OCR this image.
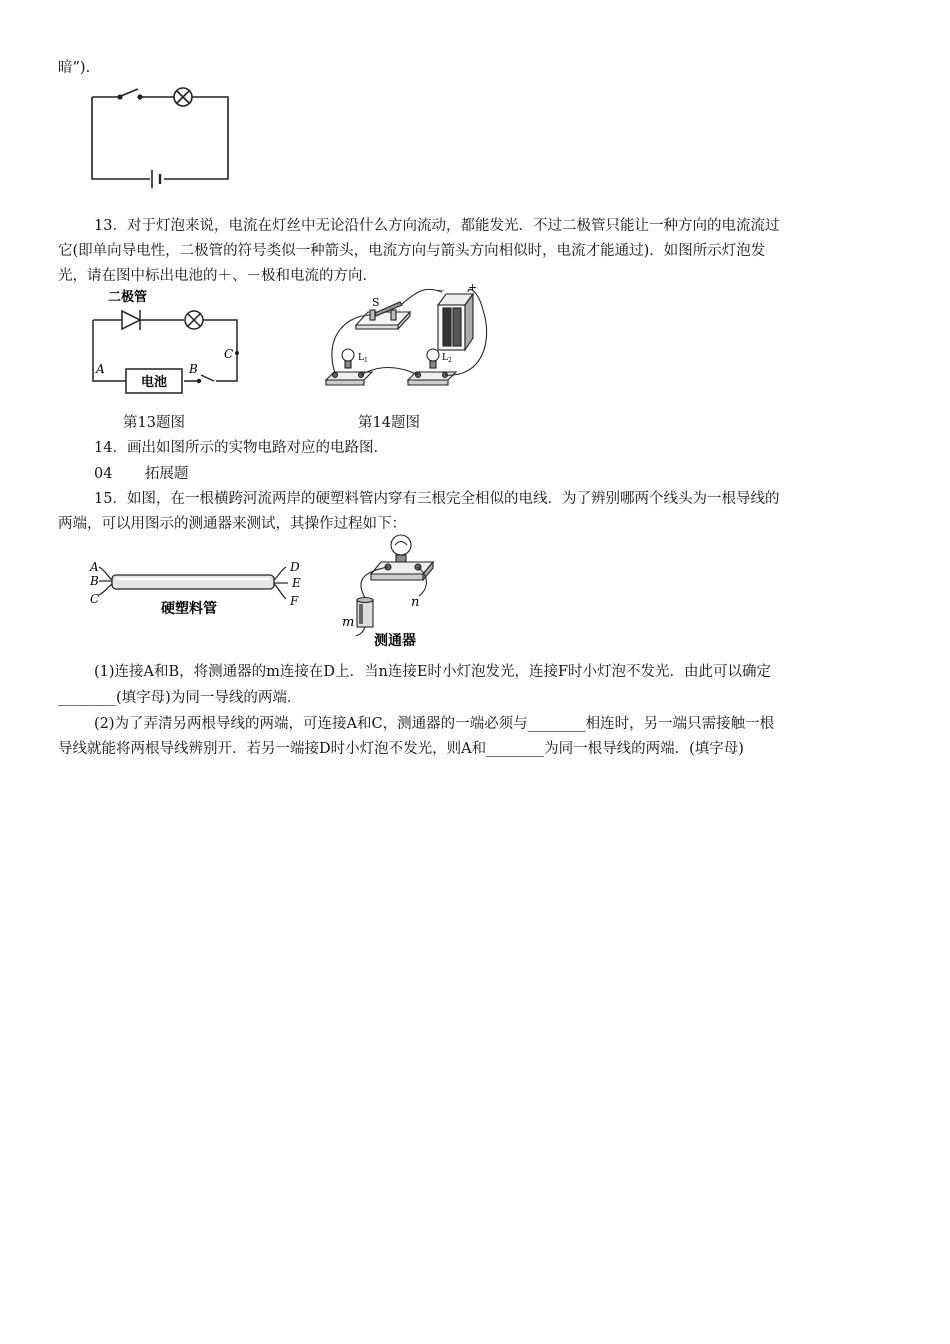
暗”).
13．对于灯泡来说，电流在灯丝中无论沿什么方向流动，都能发光．不过二极管只能让一种方向的电流流过
它(即单向导电性，二极管的符号类似一种箭头，电流方向与箭头方向相似时，电流才能通过)．如图所示灯泡发
光，请在图中标出电池的＋、－极和电流的方向．
二极管
电池
A	B
C
S
－ +
$L_1$	$L_2$
第13题图	第14题图
14．画出如图所示的实物电路对应的电路图．
04 拓展题
15．如图，在一根横跨河流两岸的硬塑料管内穿有三根完全相似的电线．为了辨别哪两个线头为一根导线的
两端，可以用图示的测通器来测试，其操作过程如下：
A
B
C
D
E
F
硬塑料管
m
n
测通器
(1)连接A和B，将测通器的m连接在D上．当n连接E时小灯泡发光，连接F时小灯泡不发光．由此可以确定
________(填字母)为同一导线的两端．
(2)为了弄清另两根导线的两端，可连接A和C，测通器的一端必须与________相连时，另一端只需接触一根
导线就能将两根导线辨别开．若另一端接D时小灯泡不发光，则A和________为同一根导线的两端．(填字母)
